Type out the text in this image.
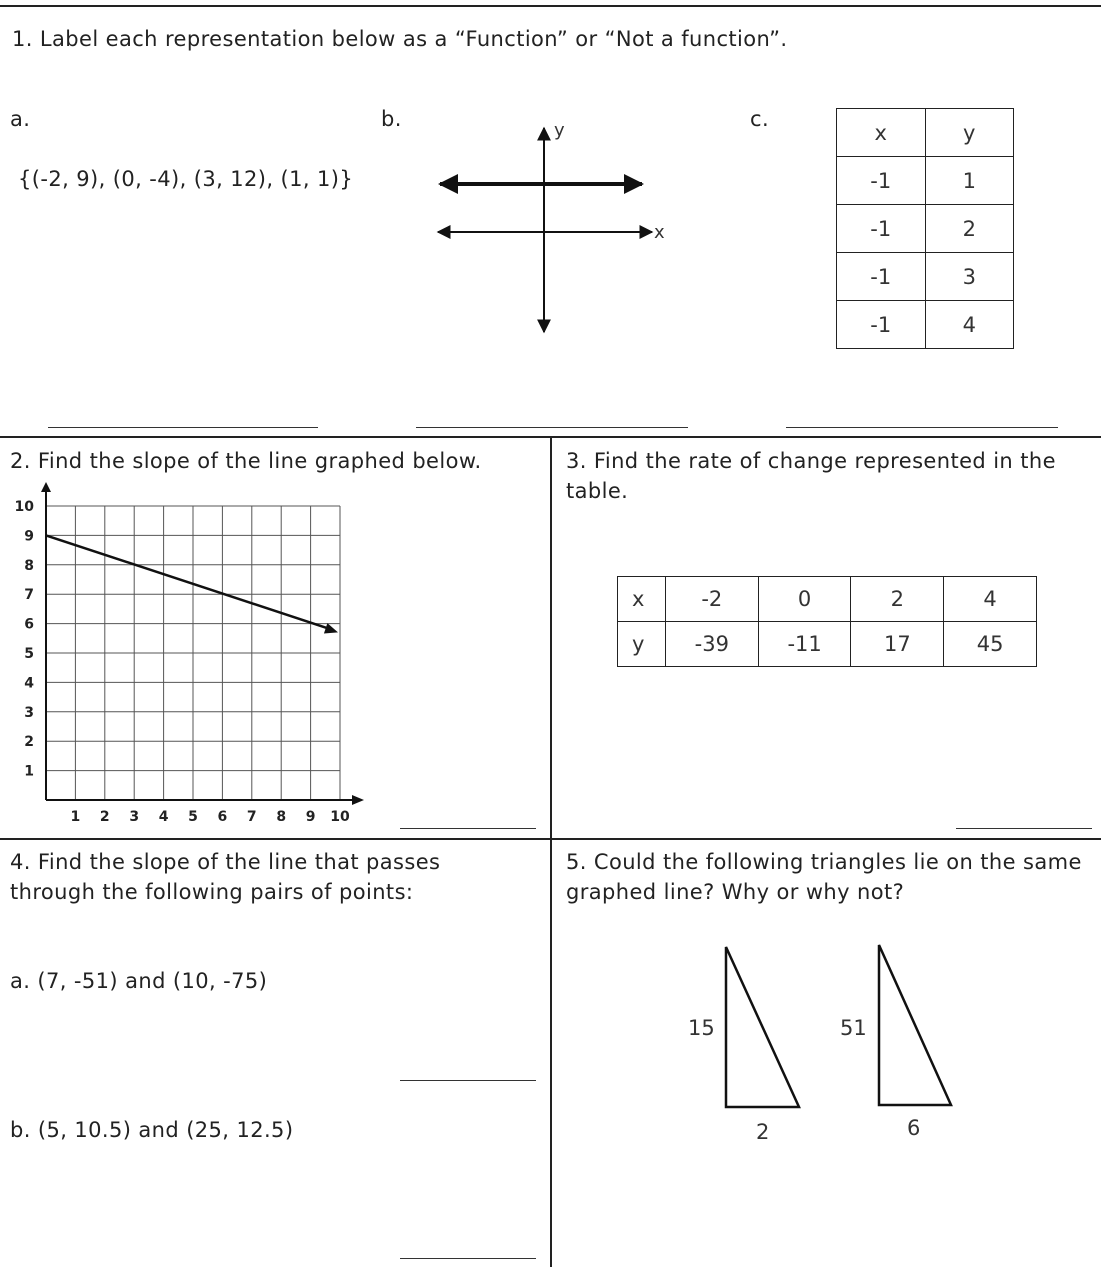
1. Label each representation below as a “Function” or “Not a function”.
a.
{(-2, 9), (0, -4), (3, 12), (1, 1)}
b.	c.
y
x
x	y
-1	1
-1	2
-1	3
-1	4
2. Find the slope of the line graphed below.
1 2 3 4 5 6 7 8 9 10
1
2
3
4
5
6
7
8
9
10
3. Find the rate of change represented in the
table.
x	-2	0	2	4
y	-39	-11	17	45
4. Find the slope of the line that passes
through the following pairs of points:
a. (7, -51) and (10, -75)
b. (5, 10.5) and (25, 12.5)
5. Could the following triangles lie on the same
graphed line? Why or why not?
15
2
51
6
